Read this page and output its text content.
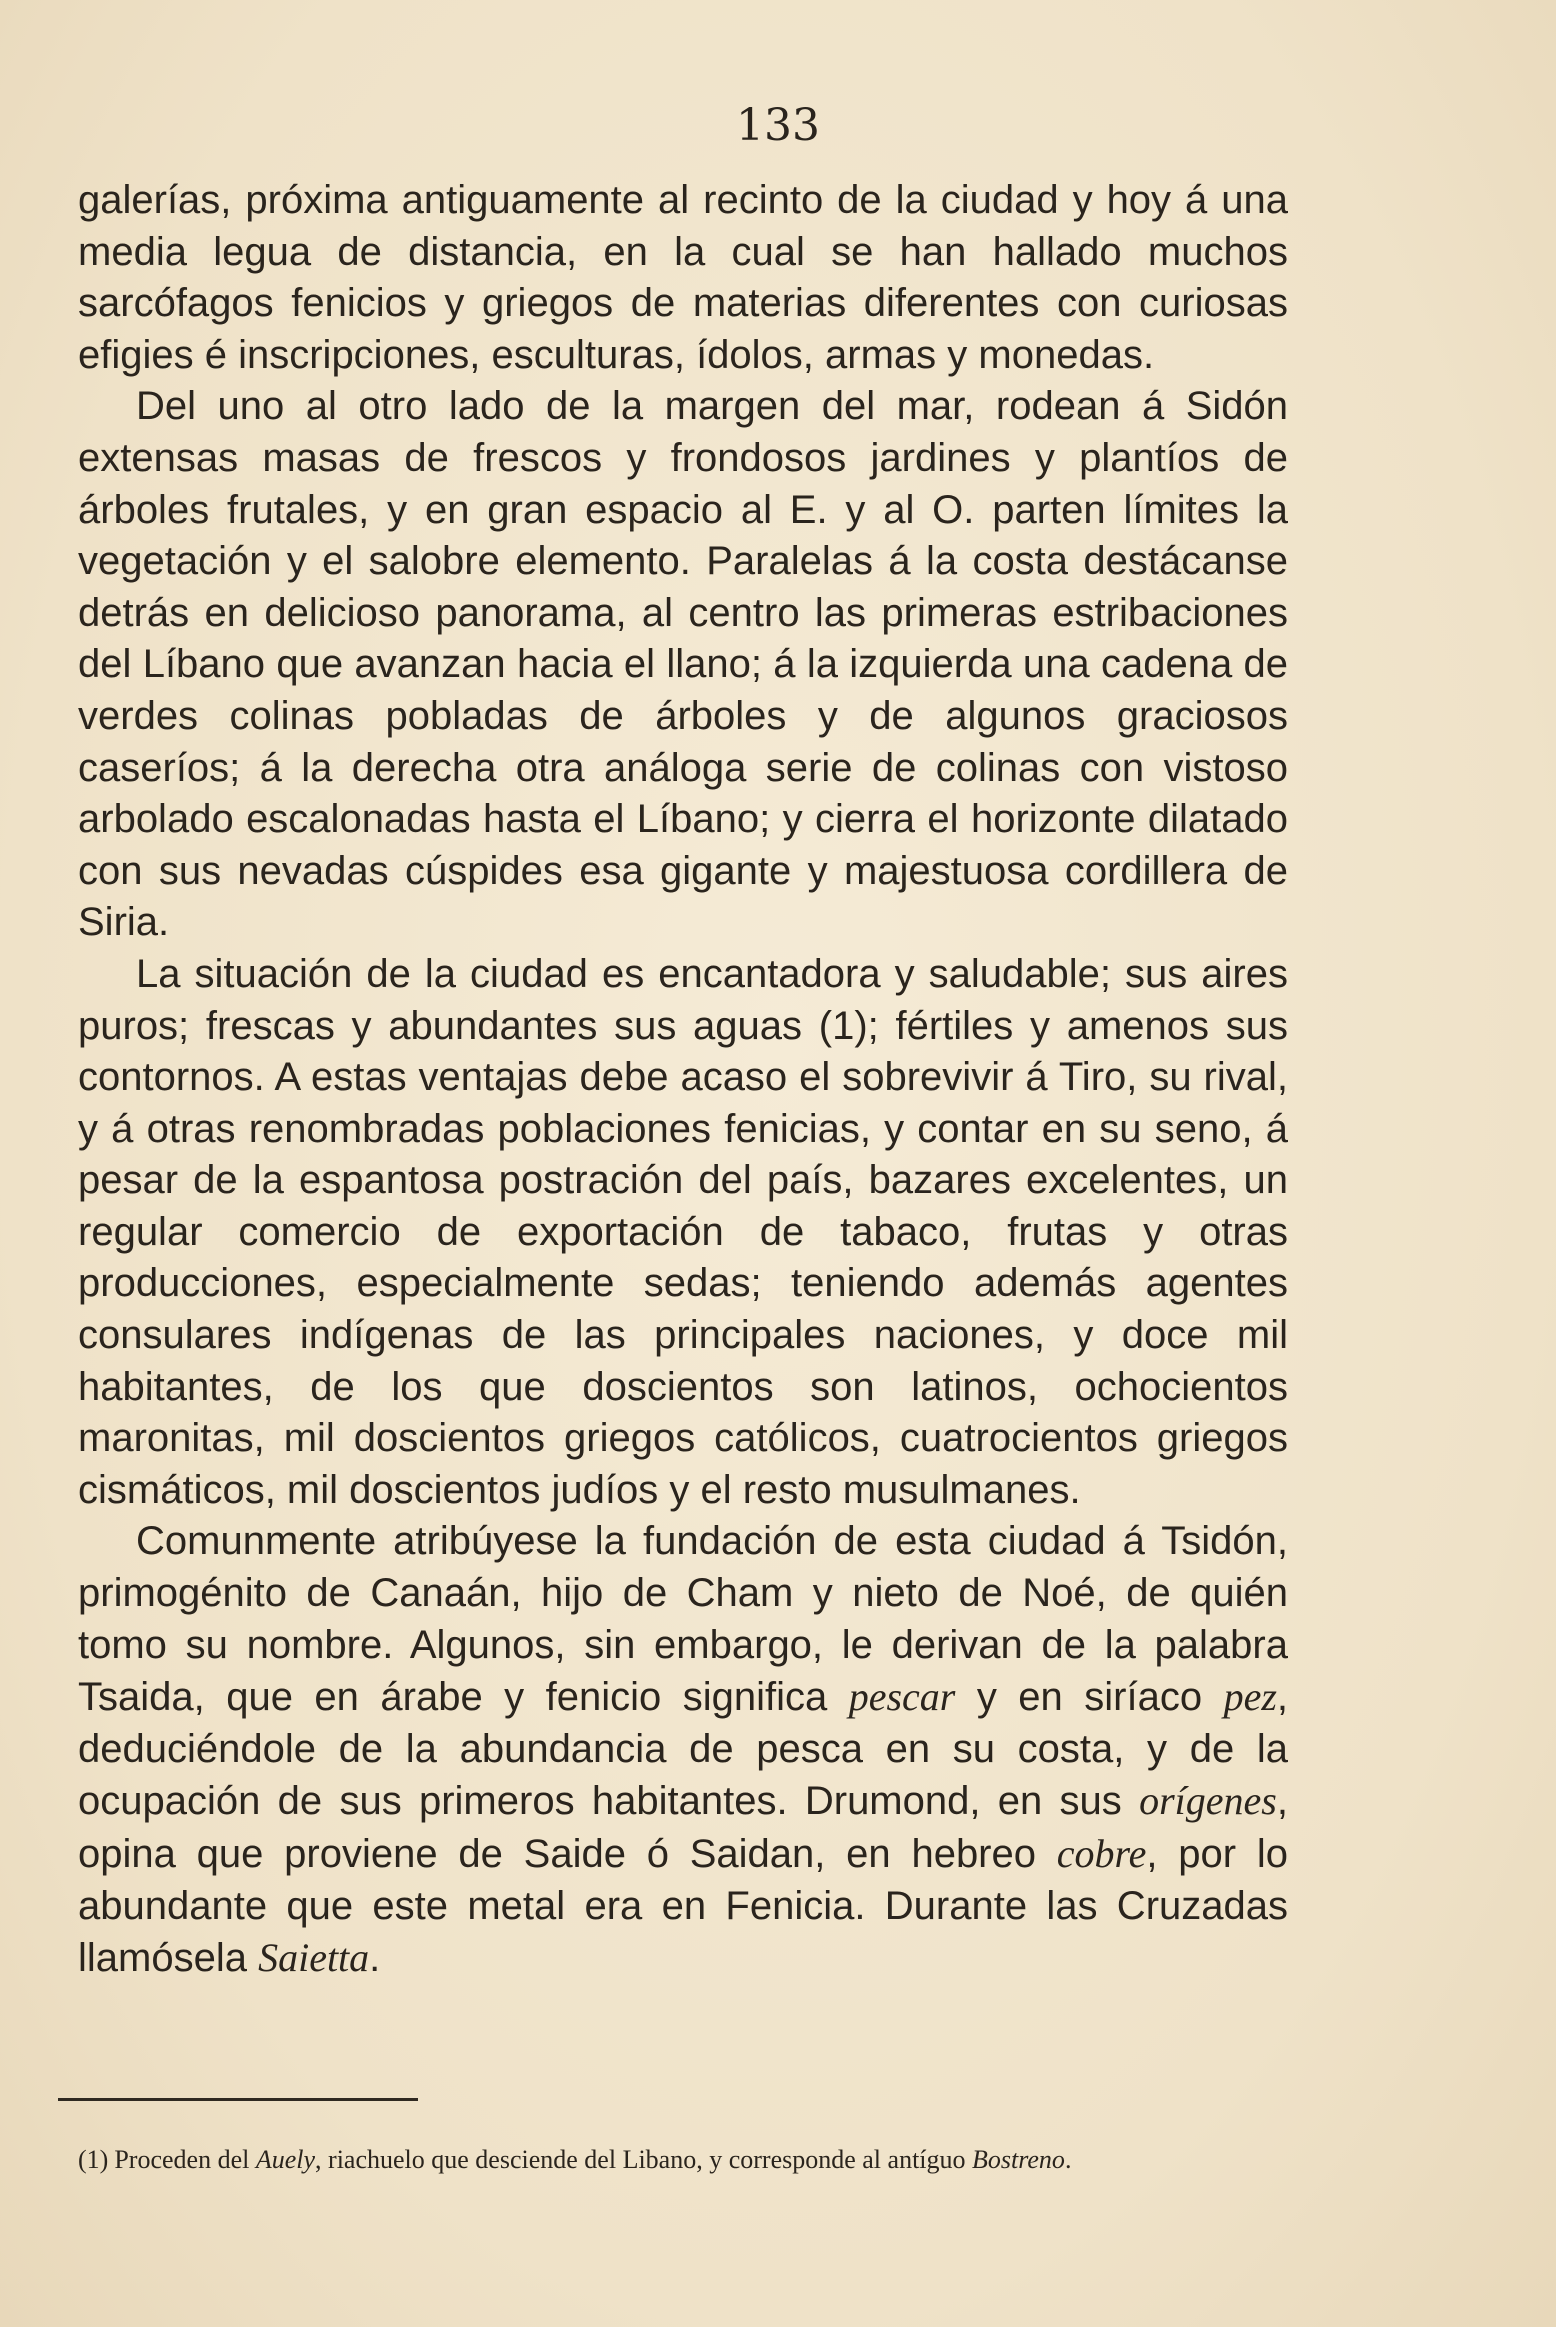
133

galerías, próxima antiguamente al recinto de la ciudad y hoy á una media legua de distancia, en la cual se han hallado muchos sarcófagos fenicios y griegos de materias diferentes con curiosas efigies é inscripciones, esculturas, ídolos, armas y monedas.

Del uno al otro lado de la margen del mar, rodean á Sidón extensas masas de frescos y frondosos jardines y plantíos de árboles frutales, y en gran espacio al E. y al O. parten límites la vegetación y el salobre elemento. Paralelas á la costa destácanse detrás en delicioso panorama, al centro las primeras estribaciones del Líbano que avanzan hacia el llano; á la izquierda una cadena de verdes colinas pobladas de árboles y de algunos graciosos caseríos; á la derecha otra análoga serie de colinas con vistoso arbolado escalonadas hasta el Líbano; y cierra el horizonte dilatado con sus nevadas cúspides esa gigante y majestuosa cordillera de Siria.

La situación de la ciudad es encantadora y saludable; sus aires puros; frescas y abundantes sus aguas (1); fértiles y amenos sus contornos. A estas ventajas debe acaso el sobrevivir á Tiro, su rival, y á otras renombradas poblaciones fenicias, y contar en su seno, á pesar de la espantosa postración del país, bazares excelentes, un regular comercio de exportación de tabaco, frutas y otras producciones, especialmente sedas; teniendo además agentes consulares indígenas de las principales naciones, y doce mil habitantes, de los que doscientos son latinos, ochocientos maronitas, mil doscientos griegos católicos, cuatrocientos griegos cismáticos, mil doscientos judíos y el resto musulmanes.

Comunmente atribúyese la fundación de esta ciudad á Tsidón, primogénito de Canaán, hijo de Cham y nieto de Noé, de quién tomo su nombre. Algunos, sin embargo, le derivan de la palabra Tsaida, que en árabe y fenicio significa pescar y en siríaco pez, deduciéndole de la abundancia de pesca en su costa, y de la ocupación de sus primeros habitantes. Drumond, en sus orígenes, opina que proviene de Saide ó Saidan, en hebreo cobre, por lo abundante que este metal era en Fenicia. Durante las Cruzadas llamósela Saietta.

(1) Proceden del Auely, riachuelo que desciende del Libano, y corresponde al antíguo Bostreno.
